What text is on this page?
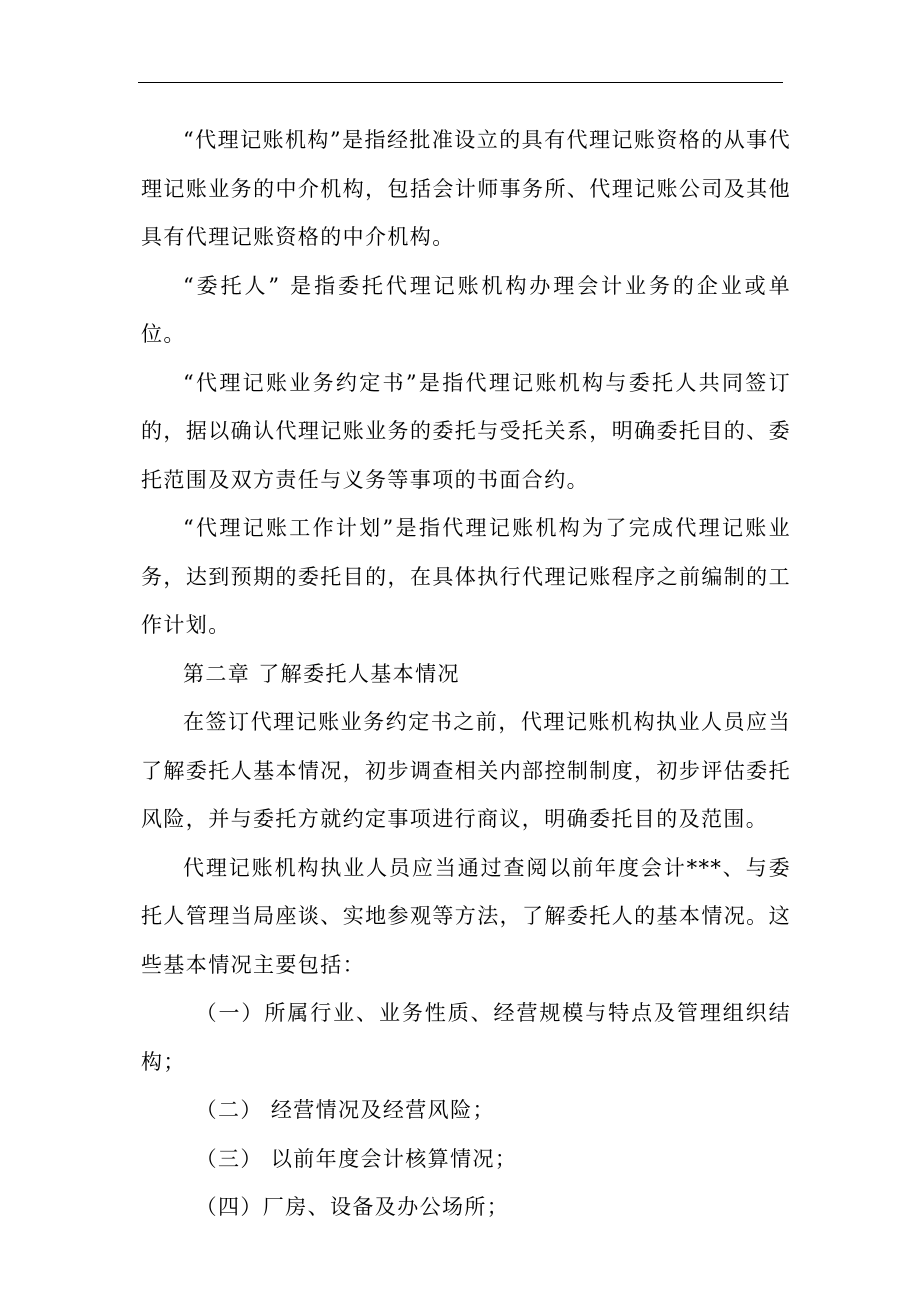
“代理记账机构”是指经批准设立的具有代理记账资格的从事代理记账业务的中介机构，包括会计师事务所、代理记账公司及其他具有代理记账资格的中介机构。

“委托人” 是指委托代理记账机构办理会计业务的企业或单位。

“代理记账业务约定书”是指代理记账机构与委托人共同签订的，据以确认代理记账业务的委托与受托关系，明确委托目的、委托范围及双方责任与义务等事项的书面合约。

“代理记账工作计划”是指代理记账机构为了完成代理记账业务，达到预期的委托目的，在具体执行代理记账程序之前编制的工作计划。

第二章 了解委托人基本情况

在签订代理记账业务约定书之前，代理记账机构执业人员应当了解委托人基本情况，初步调查相关内部控制制度，初步评估委托风险，并与委托方就约定事项进行商议，明确委托目的及范围。

代理记账机构执业人员应当通过查阅以前年度会计***、与委托人管理当局座谈、实地参观等方法，了解委托人的基本情况。这些基本情况主要包括：

（一）所属行业、业务性质、经营规模与特点及管理组织结构；

（二） 经营情况及经营风险；

（三） 以前年度会计核算情况；

（四）厂房、设备及办公场所；
